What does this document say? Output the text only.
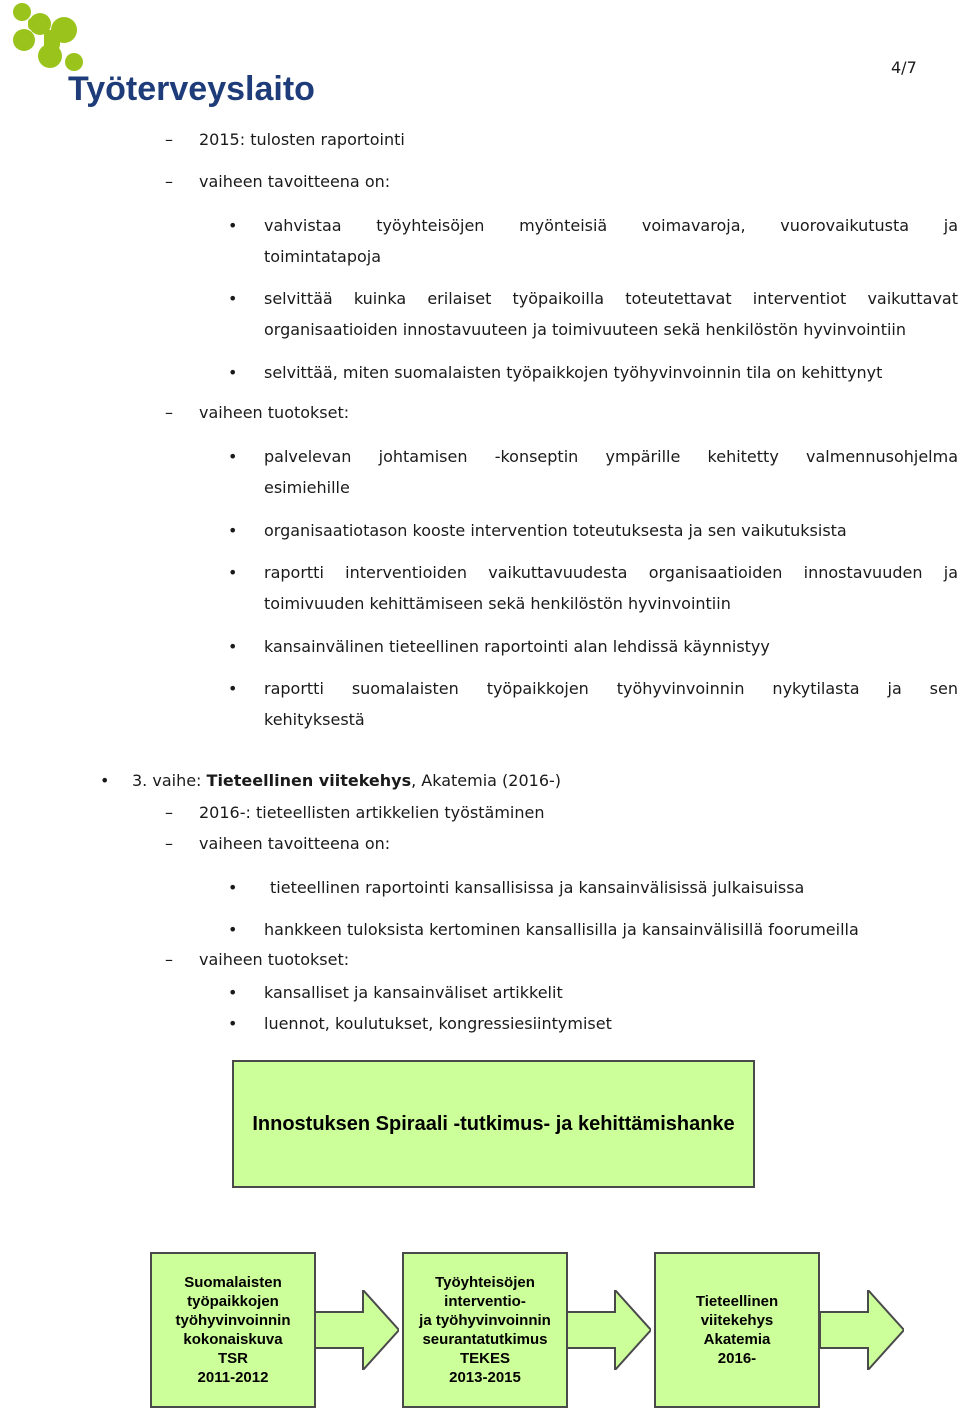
Työterveyslaitos
4/7
– 2015: tulosten raportointi
– vaiheen tavoitteena on:
•	vahvistaa työyhteisöjen myönteisiä voimavaroja, vuorovaikutusta ja
toimintatapoja
•	selvittää kuinka erilaiset työpaikoilla toteutettavat interventiot vaikuttavat
organisaatioiden innostavuuteen ja toimivuuteen sekä henkilöstön hyvinvointiin
•	selvittää, miten suomalaisten työpaikkojen työhyvinvoinnin tila on kehittynyt
– vaiheen tuotokset:
•	palvelevan johtamisen -konseptin ympärille kehitetty valmennusohjelma
esimiehille
•	organisaatiotason kooste intervention toteutuksesta ja sen vaikutuksista
•	raportti interventioiden vaikuttavuudesta organisaatioiden innostavuuden ja
toimivuuden kehittämiseen sekä henkilöstön hyvinvointiin
•	kansainvälinen tieteellinen raportointi alan lehdissä käynnistyy
•	raportti suomalaisten työpaikkojen työhyvinvoinnin nykytilasta ja sen
kehityksestä
• 3. vaihe: Tieteellinen viitekehys, Akatemia (2016-)
– 2016-: tieteellisten artikkelien työstäminen
– vaiheen tavoitteena on:
•	tieteellinen raportointi kansallisissa ja kansainvälisissä julkaisuissa
•	hankkeen tuloksista kertominen kansallisilla ja kansainvälisillä foorumeilla
– vaiheen tuotokset:
•	kansalliset ja kansainväliset artikkelit
•	luennot, koulutukset, kongressiesiintymiset
Innostuksen Spiraali -tutkimus- ja kehittämishanke
Suomalaisten
työpaikkojen
työhyvinvoinnin
kokonaiskuva
TSR
2011-2012
Työyhteisöjen
interventio-
ja työhyvinvoinnin
seurantatutkimus
TEKES
2013-2015
Tieteellinen
viitekehys
Akatemia
2016-
